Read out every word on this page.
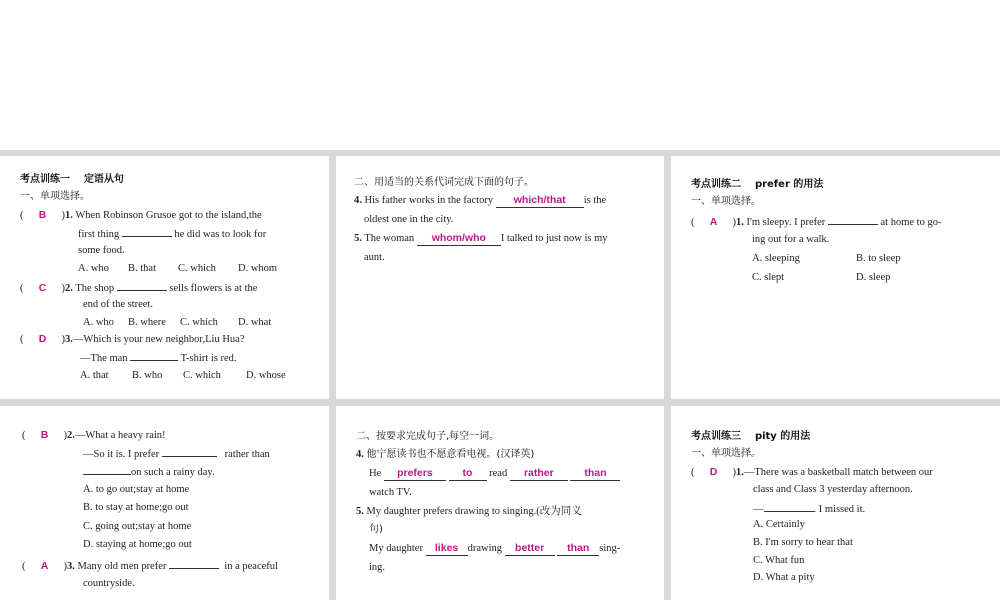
考点训练一 定语从句
一、单项选择。
( B )1. When Robinson Grusoe got to the island,the
first thing	he did was to look for
some food.
A. who B. that C. which D. whom
( C )2. The shop	sells flowers is at the
end of the street.
A. who B. where C. which D. what
( D )3.—Which is your new neighbor,Liu Hua?
—The man	T-shirt is red.
A. that B. who C. which D. whose
二、用适当的关系代词完成下面的句子。
4. His father works in the factory which/that is the
oldest one in the city.
5. The woman whom/who I talked to just now is my
aunt.
考点训练二 prefer 的用法
一、单项选择。
( A )1. I'm sleepy. I prefer	at home to go-
ing out for a walk.
A. sleeping	B. to sleep
C. slept	D. sleep
( B )2.—What a heavy rain!
—So it is. I prefer	rather than
on such a rainy day.
A. to go out;stay at home
B. to stay at home;go out
C. going out;stay at home
D. staying at home;go out
( A )3. Many old men prefer	in a peaceful
countryside.
二、按要求完成句子,每空一词。
4. 他宁愿读书也不愿意看电视。(汉译英)
He prefers	to read rather	than
watch TV.
5. My daughter prefers drawing to singing.(改为同义
句)
My daughter likes drawing better than sing-
ing.
考点训练三 pity 的用法
一、单项选择。
( D )1.—There was a basketball match between our
class and Class 3 yesterday afternoon.
—	. I missed it.
A. Certainly
B. I'm sorry to hear that
C. What fun
D. What a pity
